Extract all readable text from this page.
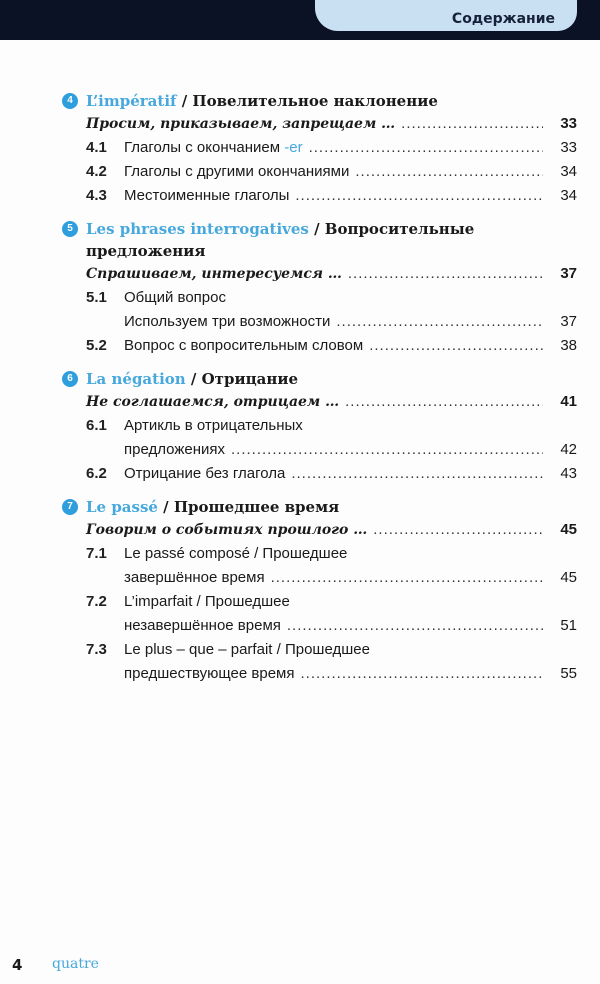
Содержание
4 L’impératif / Повелительное наклонение
Просим, приказываем, запрещаем … .....	33
4.1	Глаголы с окончанием -er .....	33
4.2	Глаголы с другими окончаниями .....	34
4.3	Местоименные глаголы .....	34
5 Les phrases interrogatives / Вопросительные предложения
Спрашиваем, интересуемся … .....	37
5.1	Общий вопрос
Используем три возможности .....	37
5.2	Вопрос с вопросительным словом .....	38
6 La négation / Отрицание
Не соглашаемся, отрицаем … .....	41
6.1	Артикль в отрицательных
предложениях .....	42
6.2	Отрицание без глагола .....	43
7 Le passé / Прошедшее время
Говорим о событиях прошлого … .....	45
7.1	Le passé composé / Прошедшее
завершённое время .....	45
7.2	L’imparfait / Прошедшее
незавершённое время .....	51
7.3	Le plus – que – parfait / Прошедшее
предшествующее время .....	55
4 quatre
